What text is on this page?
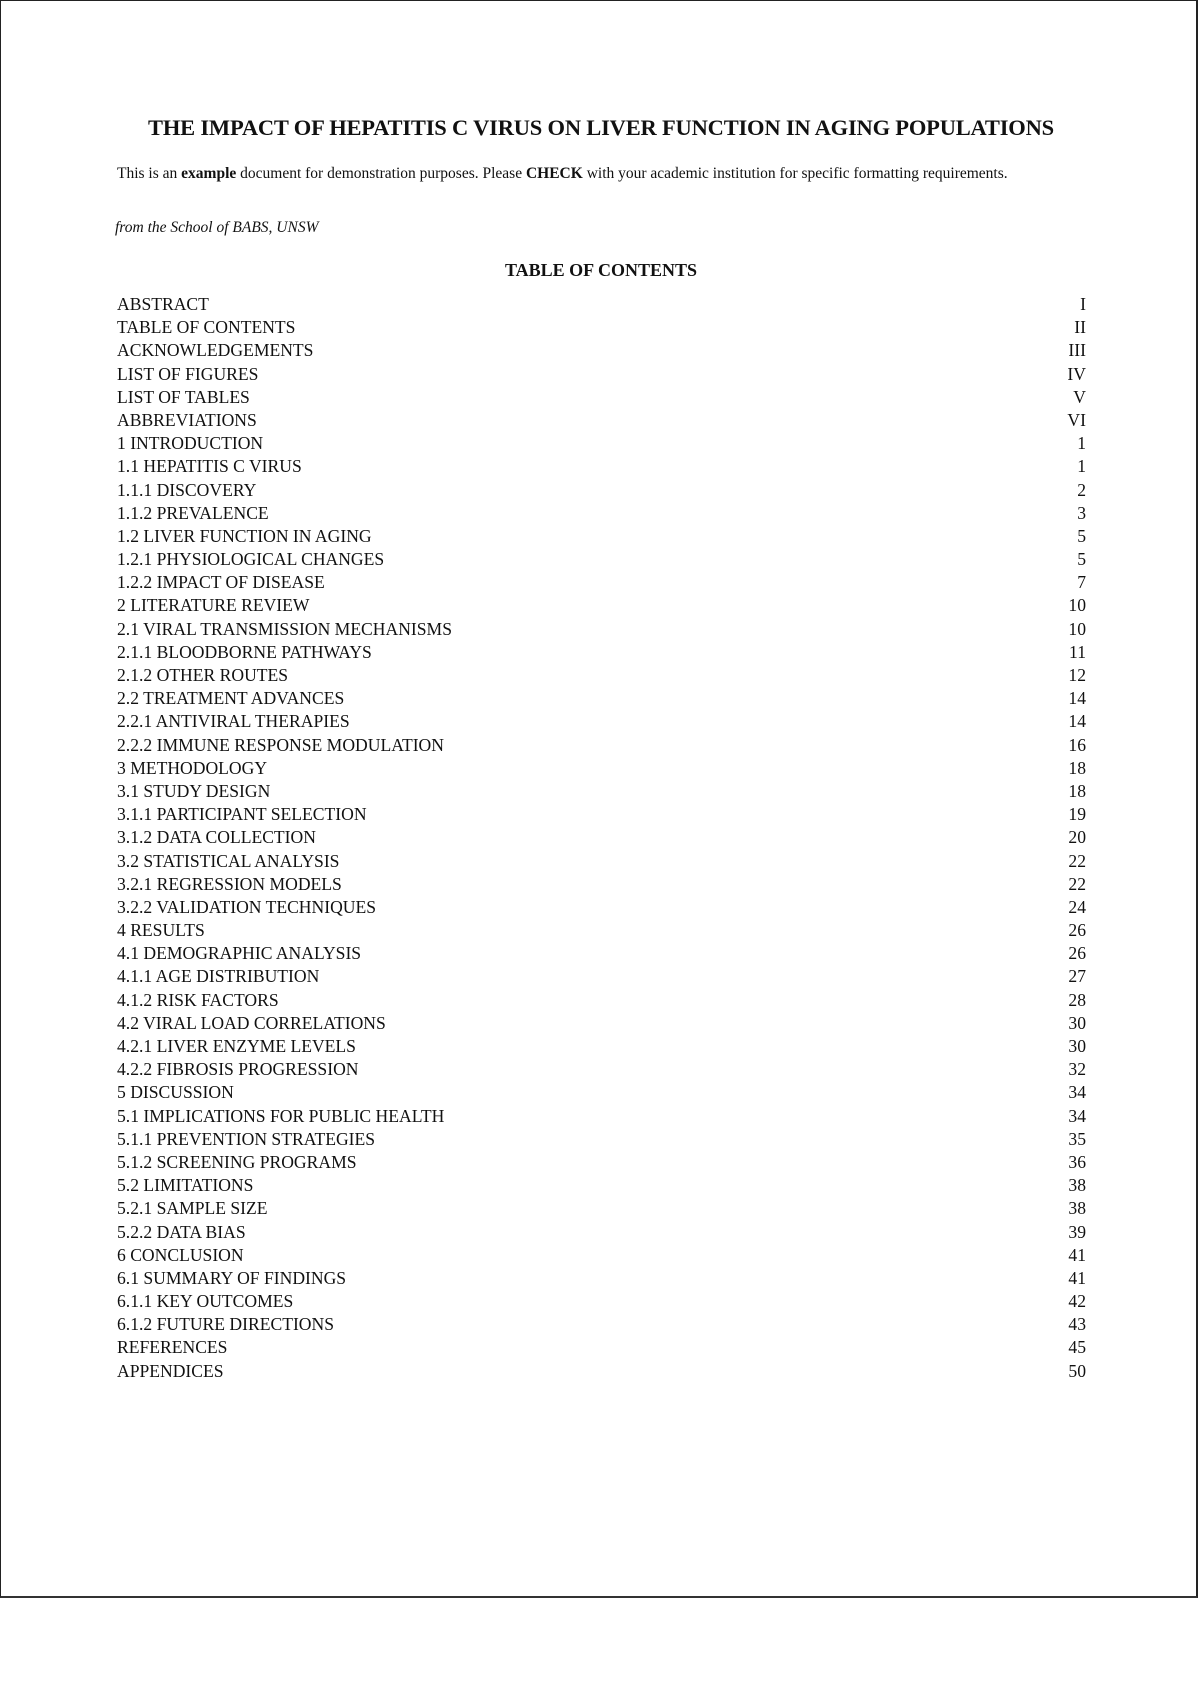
THE IMPACT OF HEPATITIS C VIRUS ON LIVER FUNCTION IN AGING POPULATIONS

This is an example document for demonstration purposes. Please CHECK with your academic institution for specific formatting requirements.

from the School of BABS, UNSW

TABLE OF CONTENTS
ABSTRACT	I
TABLE OF CONTENTS	II
ACKNOWLEDGEMENTS	III
LIST OF FIGURES	IV
LIST OF TABLES	V
ABBREVIATIONS	VI
1 INTRODUCTION	1
1.1 HEPATITIS C VIRUS	1
1.1.1 DISCOVERY	2
1.1.2 PREVALENCE	3
1.2 LIVER FUNCTION IN AGING	5
1.2.1 PHYSIOLOGICAL CHANGES	5
1.2.2 IMPACT OF DISEASE	7
2 LITERATURE REVIEW	10
2.1 VIRAL TRANSMISSION MECHANISMS	10
2.1.1 BLOODBORNE PATHWAYS	11
2.1.2 OTHER ROUTES	12
2.2 TREATMENT ADVANCES	14
2.2.1 ANTIVIRAL THERAPIES	14
2.2.2 IMMUNE RESPONSE MODULATION	16
3 METHODOLOGY	18
3.1 STUDY DESIGN	18
3.1.1 PARTICIPANT SELECTION	19
3.1.2 DATA COLLECTION	20
3.2 STATISTICAL ANALYSIS	22
3.2.1 REGRESSION MODELS	22
3.2.2 VALIDATION TECHNIQUES	24
4 RESULTS	26
4.1 DEMOGRAPHIC ANALYSIS	26
4.1.1 AGE DISTRIBUTION	27
4.1.2 RISK FACTORS	28
4.2 VIRAL LOAD CORRELATIONS	30
4.2.1 LIVER ENZYME LEVELS	30
4.2.2 FIBROSIS PROGRESSION	32
5 DISCUSSION	34
5.1 IMPLICATIONS FOR PUBLIC HEALTH	34
5.1.1 PREVENTION STRATEGIES	35
5.1.2 SCREENING PROGRAMS	36
5.2 LIMITATIONS	38
5.2.1 SAMPLE SIZE	38
5.2.2 DATA BIAS	39
6 CONCLUSION	41
6.1 SUMMARY OF FINDINGS	41
6.1.1 KEY OUTCOMES	42
6.1.2 FUTURE DIRECTIONS	43
REFERENCES	45
APPENDICES	50
